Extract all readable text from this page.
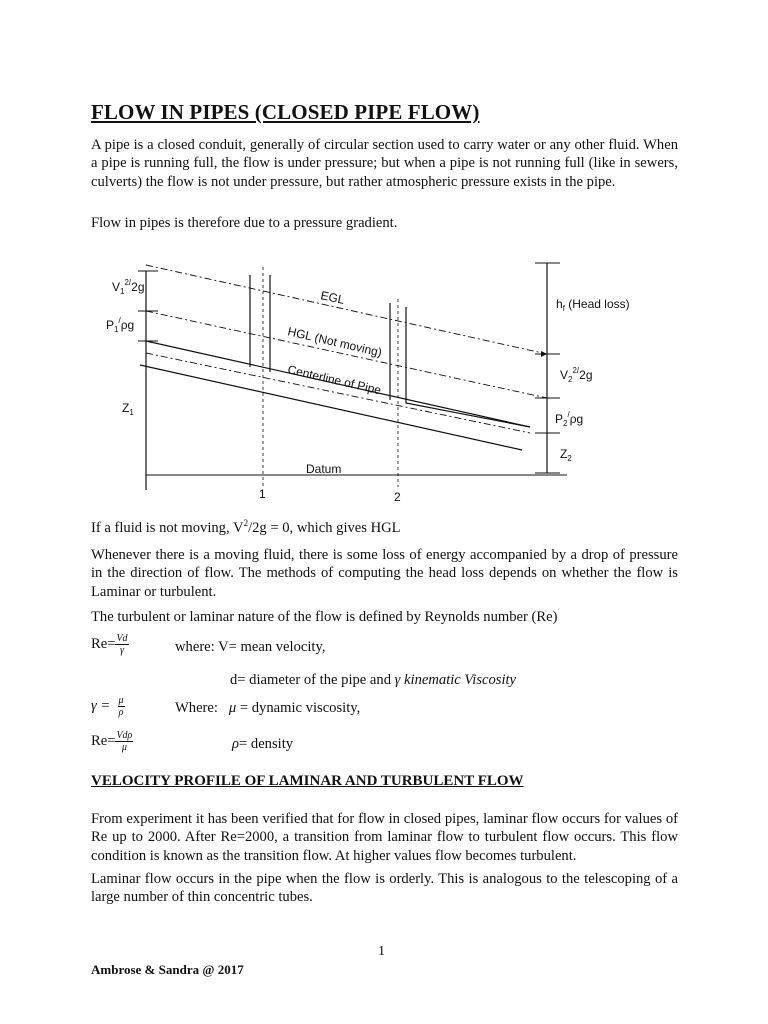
FLOW IN PIPES (CLOSED PIPE FLOW)

A pipe is a closed conduit, generally of circular section used to carry water or any other fluid. When a pipe is running full, the flow is under pressure; but when a pipe is not running full (like in sewers, culverts) the flow is not under pressure, but rather atmospheric pressure exists in the pipe.

Flow in pipes is therefore due to a pressure gradient.

$V_1^{2/}2g$
$P_1^/\rho g$
$Z_1$
EGL
HGL (Not moving)
Centerline of Pipe
$h_f$ (Head loss)
$V_2^{2/}2g$
$P_2^/\rho g$
$Z_2$
Datum
1	2

If a fluid is not moving, $V^2/2g = 0$, which gives HGL

Whenever there is a moving fluid, there is some loss of energy accompanied by a drop of pressure in the direction of flow. The methods of computing the head loss depends on whether the flow is Laminar or turbulent.

The turbulent or laminar nature of the flow is defined by Reynolds number (Re)

$Re= \frac{Vd}{\gamma}$	where: V= mean velocity,
d= diameter of the pipe and γ kinematic Viscosity
$\gamma = \frac{\mu}{\rho}$	Where: μ = dynamic viscosity,
$Re= \frac{\text{Vdρ}}{\mu}$	ρ= density
VELOCITY PROFILE OF LAMINAR AND TURBULENT FLOW

From experiment it has been verified that for flow in closed pipes, laminar flow occurs for values of Re up to 2000. After Re=2000, a transition from laminar flow to turbulent flow occurs. This flow condition is known as the transition flow. At higher values flow becomes turbulent.

Laminar flow occurs in the pipe when the flow is orderly. This is analogous to the telescoping of a large number of thin concentric tubes.

1
Ambrose & Sandra @ 2017
